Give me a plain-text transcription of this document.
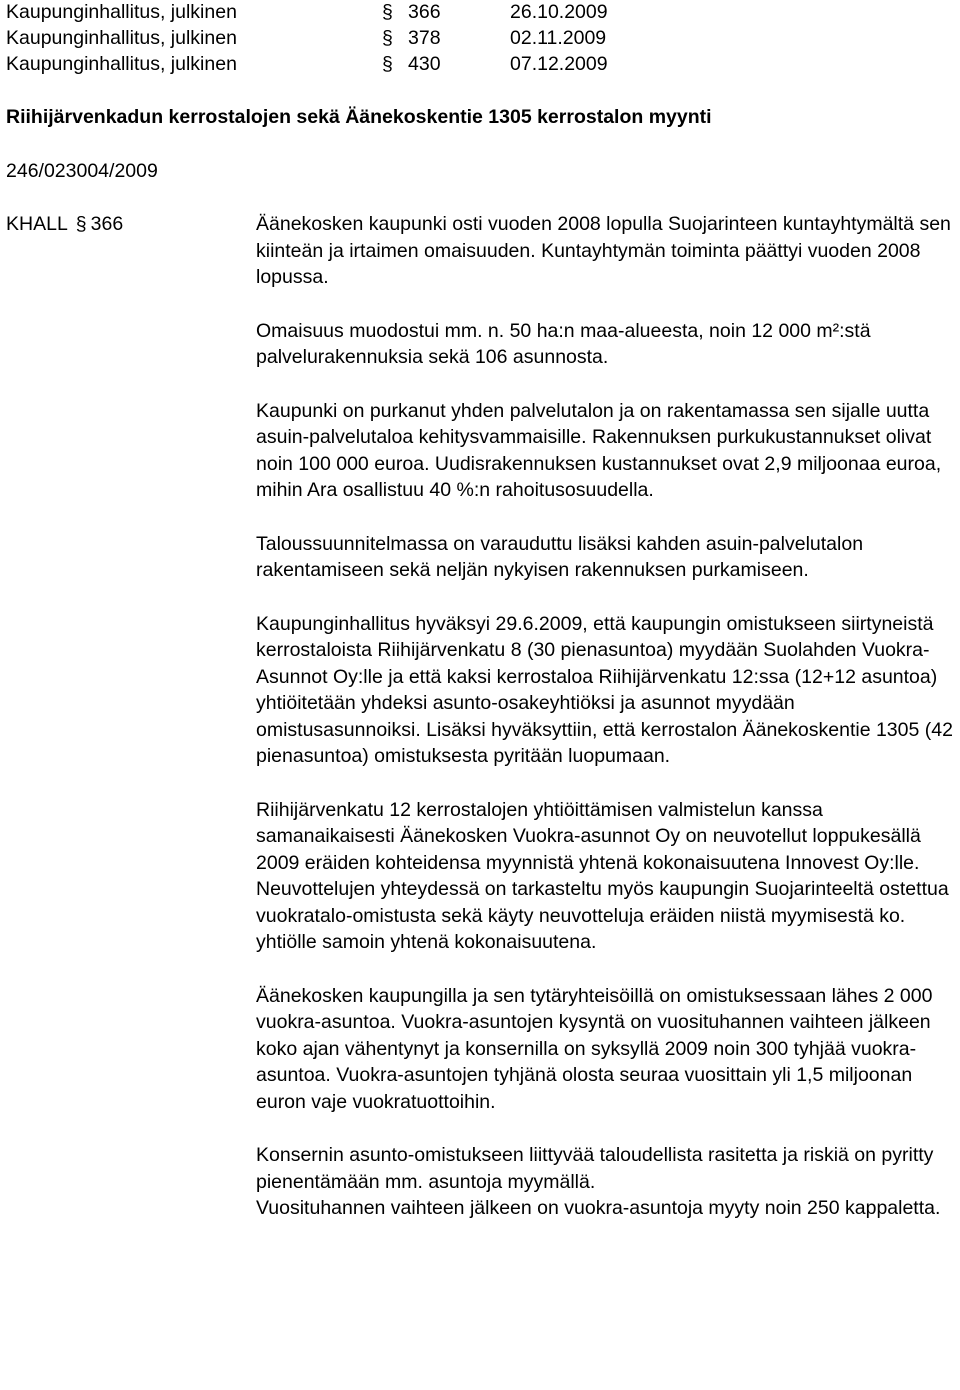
Kaupunginhallitus, julkinen	§ 366	26.10.2009
Kaupunginhallitus, julkinen	§ 378	02.11.2009
Kaupunginhallitus, julkinen	§ 430	07.12.2009
Riihijärvenkadun kerrostalojen sekä Äänekoskentie 1305 kerrostalon myynti
246/023004/2009
KHALL § 366	Äänekosken kaupunki osti vuoden 2008 lopulla Suojarinteen kuntayhtymältä sen kiinteän ja irtaimen omaisuuden. Kuntayhtymän toiminta päättyi vuoden 2008 lopussa.

Omaisuus muodostui mm. n. 50 ha:n maa-alueesta, noin 12 000 m²:stä palvelurakennuksia sekä 106 asunnosta.

Kaupunki on purkanut yhden palvelutalon ja on rakentamassa sen sijalle uutta asuin-palvelutaloa kehitysvammaisille. Rakennuksen purkukustannukset olivat noin 100 000 euroa. Uudisrakennuksen kustannukset ovat 2,9 miljoonaa euroa, mihin Ara osallistuu 40 %:n rahoitusosuudella.

Taloussuunnitelmassa on varauduttu lisäksi kahden asuin-palvelutalon rakentamiseen sekä neljän nykyisen rakennuksen purkamiseen.

Kaupunginhallitus hyväksyi 29.6.2009, että kaupungin omistukseen siirtyneistä kerrostaloista Riihijärvenkatu 8 (30 pienasuntoa) myydään Suolahden Vuokra-Asunnot Oy:lle ja että kaksi kerrostaloa Riihijärvenkatu 12:ssa (12+12 asuntoa) yhtiöitetään yhdeksi asunto-osakeyhtiöksi ja asunnot myydään omistusasunnoiksi. Lisäksi hyväksyttiin, että kerrostalon Äänekoskentie 1305 (42 pienasuntoa) omistuksesta pyritään luopumaan.

Riihijärvenkatu 12 kerrostalojen yhtiöittämisen valmistelun kanssa samanaikaisesti Äänekosken Vuokra-asunnot Oy on neuvotellut loppukesällä 2009 eräiden kohteidensa myynnistä yhtenä kokonaisuutena Innovest Oy:lle. Neuvottelujen yhteydessä on tarkasteltu myös kaupungin Suojarinteeltä ostettua vuokratalo-omistusta sekä käyty neuvotteluja eräiden niistä myymisestä ko. yhtiölle samoin yhtenä kokonaisuutena.

Äänekosken kaupungilla ja sen tytäryhteisöillä on omistuksessaan lähes 2 000 vuokra-asuntoa. Vuokra-asuntojen kysyntä on vuosituhannen vaihteen jälkeen koko ajan vähentynyt ja konsernilla on syksyllä 2009 noin 300 tyhjää vuokra-asuntoa. Vuokra-asuntojen tyhjänä olosta seuraa vuosittain yli 1,5 miljoonan euron vaje vuokratuottoihin.

Konsernin asunto-omistukseen liittyvää taloudellista rasitetta ja riskiä on pyritty pienentämään mm. asuntoja myymällä.

Vuosituhannen vaihteen jälkeen on vuokra-asuntoja myyty noin 250 kappaletta.
